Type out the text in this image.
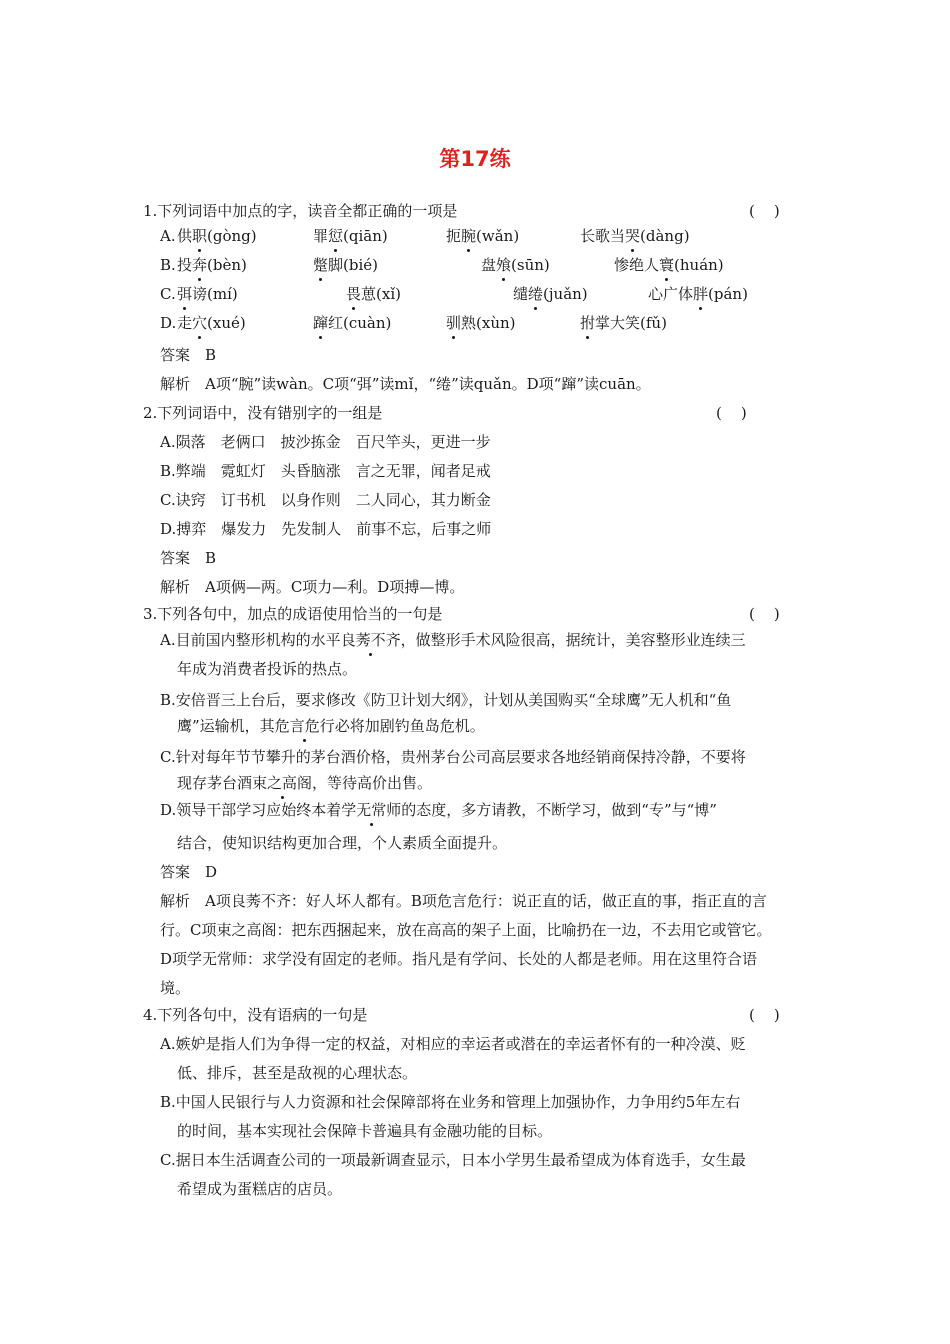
第17练
1.下列词语中加点的字，读音全都正确的一项是	(    )
A. 供职(gòng)	罪愆(qiān)	扼腕(wǎn)	长歌当哭(dàng)
B. 投奔(bèn)	蹩脚(bié)	盘飧(sūn)	惨绝人寰(huán)
C. 弭谤(mí)	畏葸(xǐ)	缱绻(juǎn)	心广体胖(pán)
D. 走穴(xué)	蹿红(cuàn)	驯熟(xùn)	拊掌大笑(fǔ)
答案　B
解析　A项“腕”读wàn。C项“弭”读mǐ，“绻”读quǎn。D项“蹿”读cuān。
2.下列词语中，没有错别字的一组是	(    )
A.陨落　老俩口　披沙拣金　百尺竿头，更进一步
B.弊端　霓虹灯　头昏脑涨　言之无罪，闻者足戒
C.诀窍　订书机　以身作则　二人同心，其力断金
D.搏弈　爆发力　先发制人　前事不忘，后事之师
答案　B
解析　A项俩—两。C项力—利。D项搏—博。
3.下列各句中，加点的成语使用恰当的一句是	(    )
A.目前国内整形机构的水平良莠不齐，做整形手术风险很高，据统计，美容整形业连续三
年成为消费者投诉的热点。
B.安倍晋三上台后，要求修改《防卫计划大纲》，计划从美国购买“全球鹰”无人机和“鱼
鹰”运输机，其危言危行必将加剧钓鱼岛危机。
C.针对每年节节攀升的茅台酒价格，贵州茅台公司高层要求各地经销商保持冷静，不要将
现存茅台酒束之高阁，等待高价出售。
D.领导干部学习应始终本着学无常师的态度，多方请教，不断学习，做到“专”与“博”
结合，使知识结构更加合理，个人素质全面提升。
答案　D
解析　A项良莠不齐：好人坏人都有。B项危言危行：说正直的话，做正直的事，指正直的言
行。C项束之高阁：把东西捆起来，放在高高的架子上面，比喻扔在一边，不去用它或管它。
D项学无常师：求学没有固定的老师。指凡是有学问、长处的人都是老师。用在这里符合语
境。
4.下列各句中，没有语病的一句是	(    )
A.嫉妒是指人们为争得一定的权益，对相应的幸运者或潜在的幸运者怀有的一种冷漠、贬
低、排斥，甚至是敌视的心理状态。
B.中国人民银行与人力资源和社会保障部将在业务和管理上加强协作，力争用约5年左右
的时间，基本实现社会保障卡普遍具有金融功能的目标。
C.据日本生活调查公司的一项最新调查显示，日本小学男生最希望成为体育选手，女生最
希望成为蛋糕店的店员。
